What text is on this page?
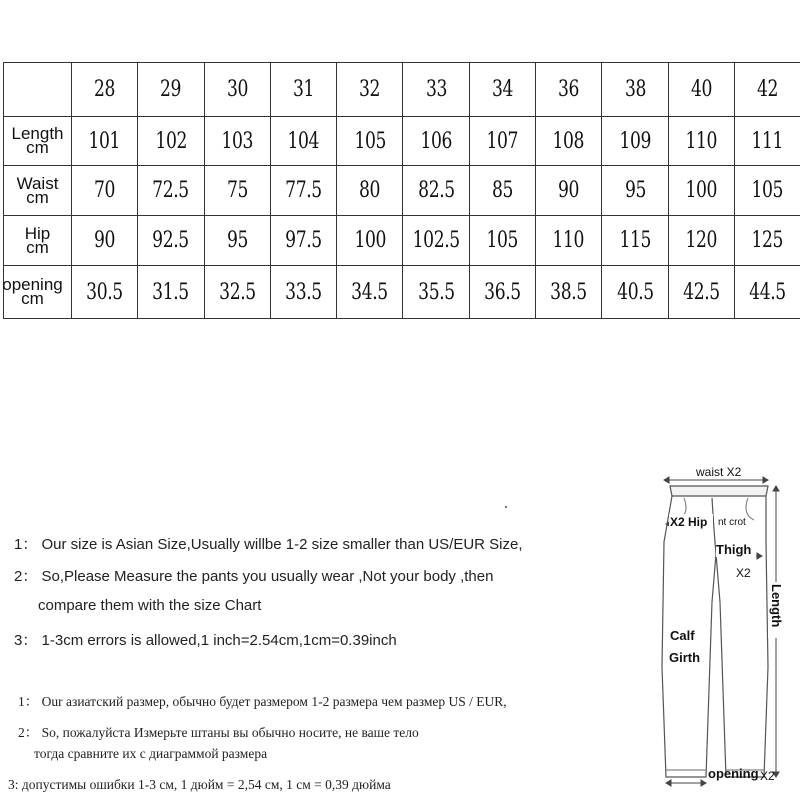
	28	29	30	31	32	33	34	36	38	40	42

Length
cm	101	102	103	104	105	106	107	108	109	110	111

Waist
cm	70	72.5	75	77.5	80	82.5	85	90	95	100	105

Hip
cm	90	92.5	95	97.5	100	102.5	105	110	115	120	125

opening
cm	30.5	31.5	32.5	33.5	34.5	35.5	36.5	38.5	40.5	42.5	44.5
1： Our size is Asian Size,Usually willbe 1-2 size smaller than US/EUR Size,
2： So,Please Measure the pants you usually wear ,Not your body ,then
compare them with the size Chart
3： 1-3cm errors is allowed,1 inch=2.54cm,1cm=0.39inch
1： Our азиатский размер, обычно будет размером 1-2 размера чем размер US / EUR,
2： So, пожалуйста Измерьте штаны вы обычно носите, не ваше тело
тогда сравните их с диаграммой размера
3: допустимы ошибки 1-3 см, 1 дюйм = 2,54 см, 1 см = 0,39 дюйма
waist X2
X2 Hip nt crot
Thigh
X2
Length
Calf
Girth
opening X2
